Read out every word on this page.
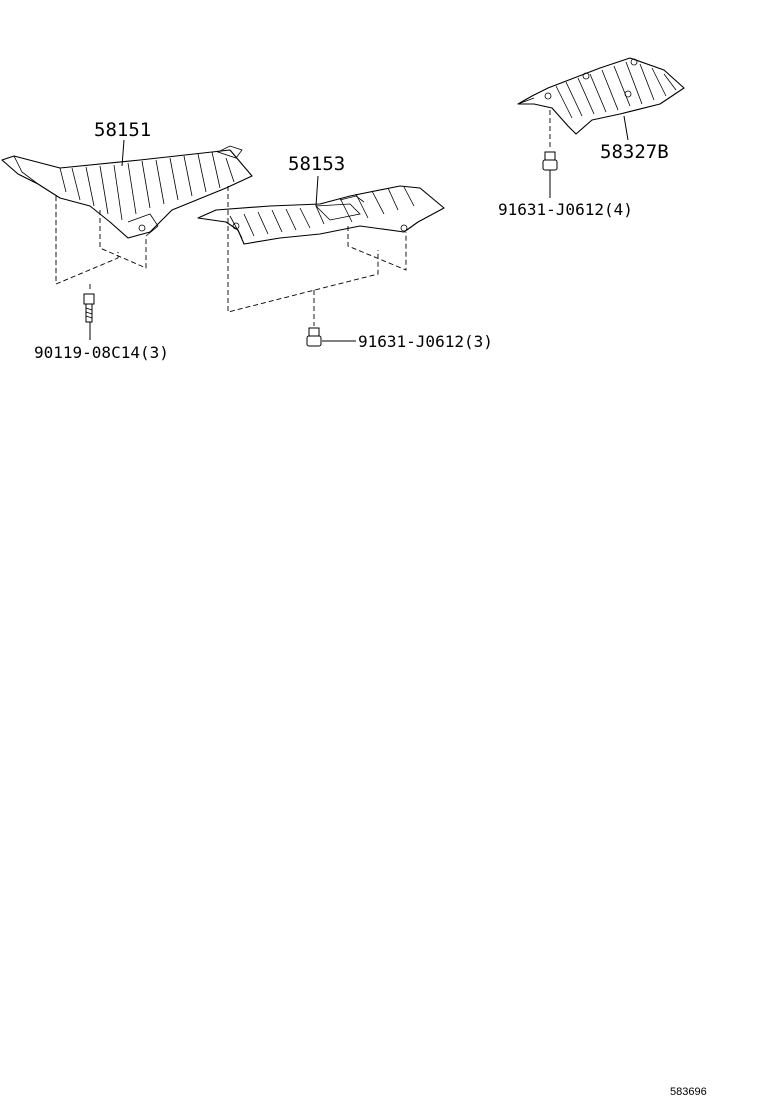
58151
58153
58327B
90119-08C14(3)
91631-J0612(3)
91631-J0612(4)
583696
